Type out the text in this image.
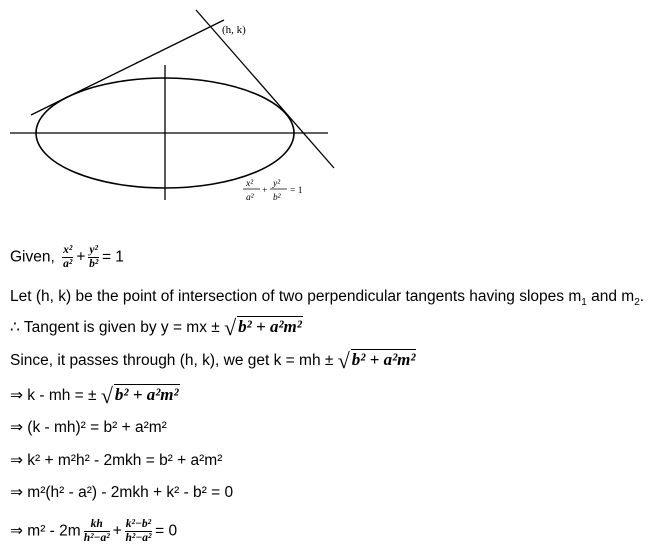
(h, k)
x²
a²
+
y²
b²
= 1
Given, $\frac{\text{x²}}{\text{a²}} + \frac{\text{y²}}{\text{b²}} = 1$
Let (h, k) be the point of intersection of two perpendicular tangents having slopes $m_1$ and $m_2$.
∴ Tangent is given by y = mx ± √ b² + a²m²
Since, it passes through (h, k), we get k = mh ± √ b² + a²m²
⇒ k - mh = ± √ b² + a²m²
⇒ (k - mh)² = b² + a²m²
⇒ k² + m²h² - 2mkh = b² + a²m²
⇒ m²(h² - a²) - 2mkh + k² - b² = 0
⇒ $m^2 - 2m \frac{kh}{\text{h²−a²}} + \frac{\text{k²−b²}}{\text{h²−a²}} = 0$
